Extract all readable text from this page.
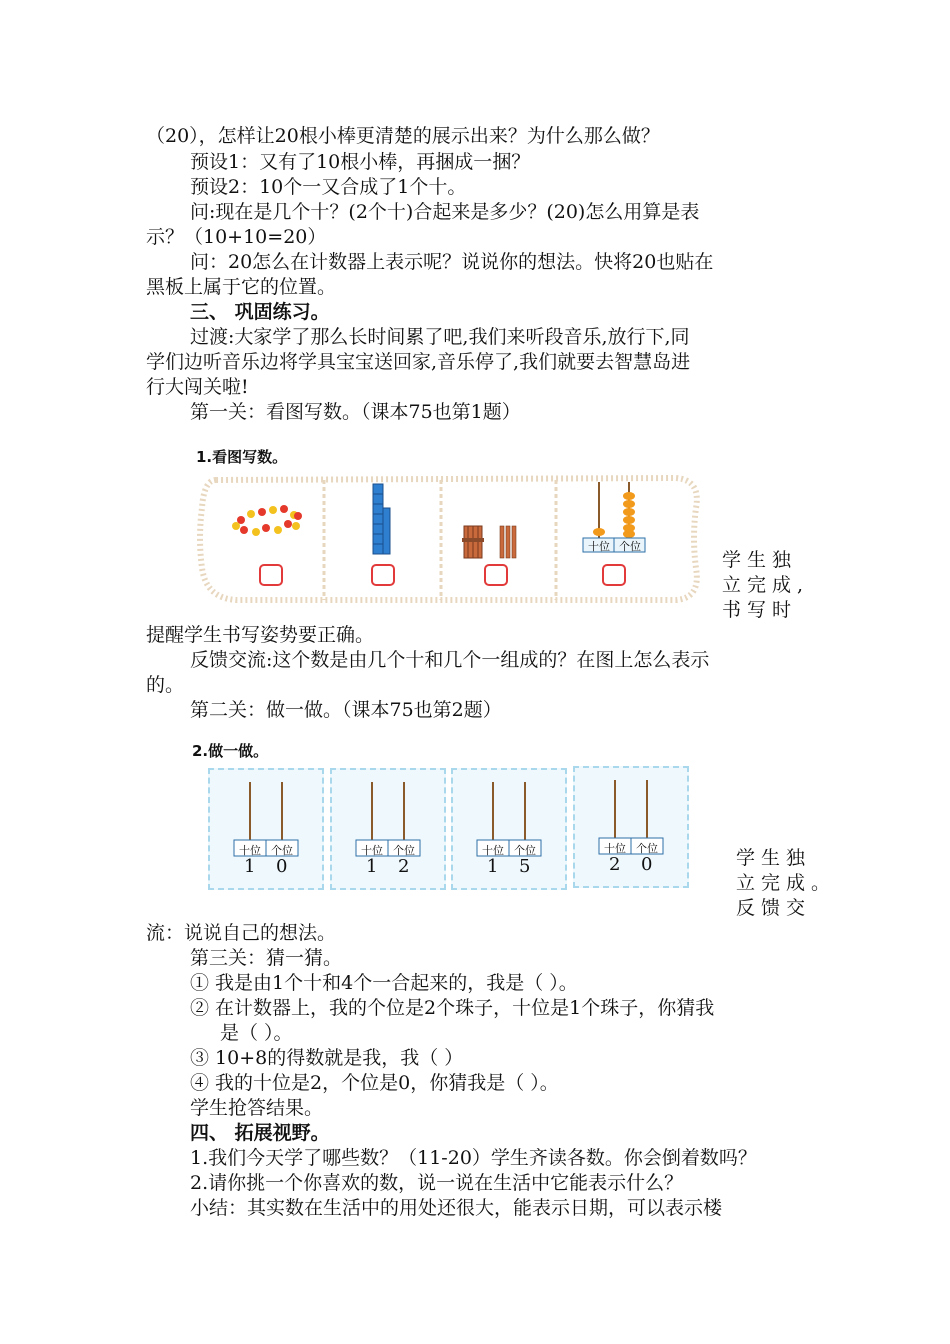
（20），怎样让20根小棒更清楚的展示出来？为什么那么做？
预设1：又有了10根小棒，再捆成一捆？
预设2：10个一又合成了1个十。
问:现在是几个十？(2个十)合起来是多少？(20)怎么用算是表
示？（10+10=20）
问：20怎么在计数器上表示呢？说说你的想法。快将20也贴在
黑板上属于它的位置。
三、 巩固练习。
过渡:大家学了那么长时间累了吧,我们来听段音乐,放行下,同
学们边听音乐边将学具宝宝送回家,音乐停了,我们就要去智慧岛进
行大闯关啦!
第一关：看图写数。（课本75也第1题）
1.看图写数。
十位 个位
学生独
立完成,
书写时
提醒学生书写姿势要正确。
反馈交流:这个数是由几个十和几个一组成的？在图上怎么表示
的。
第二关：做一做。（课本75也第2题）
2.做一做。
十位 个位
1 0
十位 个位
1 2
十位 个位
1 5
十位 个位
2 0	学生独
立完成。
反馈交
流：说说自己的想法。
第三关：猜一猜。
① 我是由1个十和4个一合起来的，我是（ ）。
② 在计数器上，我的个位是2个珠子，十位是1个珠子，你猜我
是（ ）。
③ 10+8的得数就是我，我（ ）
④ 我的十位是2，个位是0，你猜我是（ ）。
学生抢答结果。
四、 拓展视野。
1.我们今天学了哪些数？（11-20）学生齐读各数。你会倒着数吗？
2.请你挑一个你喜欢的数，说一说在生活中它能表示什么？
小结：其实数在生活中的用处还很大，能表示日期，可以表示楼
